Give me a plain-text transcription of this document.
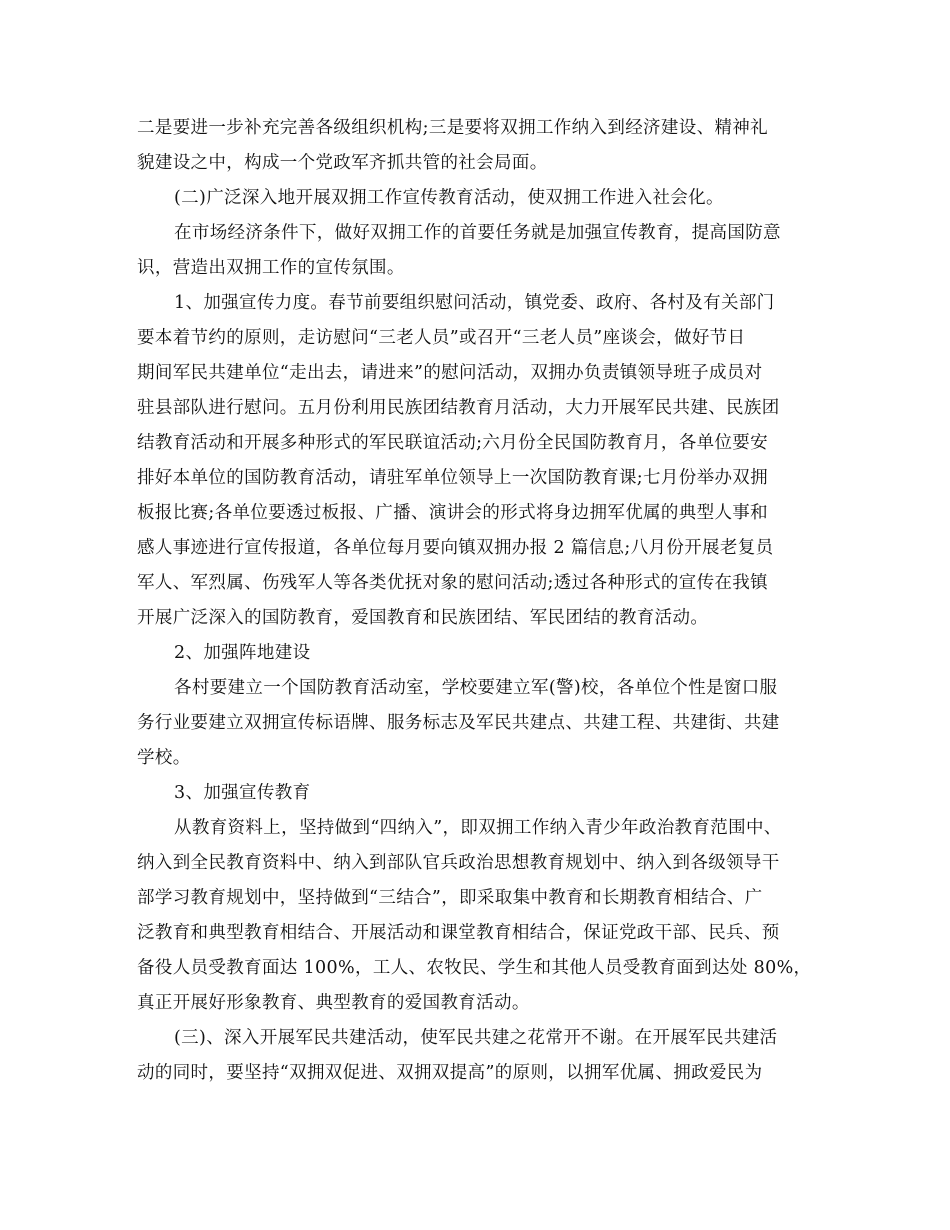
二是要进一步补充完善各级组织机构;三是要将双拥工作纳入到经济建设、精神礼
貌建设之中，构成一个党政军齐抓共管的社会局面。
(二)广泛深入地开展双拥工作宣传教育活动，使双拥工作进入社会化。
在市场经济条件下，做好双拥工作的首要任务就是加强宣传教育，提高国防意
识，营造出双拥工作的宣传氛围。
1、加强宣传力度。春节前要组织慰问活动，镇党委、政府、各村及有关部门
要本着节约的原则，走访慰问“三老人员”或召开“三老人员”座谈会，做好节日
期间军民共建单位“走出去，请进来”的慰问活动，双拥办负责镇领导班子成员对
驻县部队进行慰问。五月份利用民族团结教育月活动，大力开展军民共建、民族团
结教育活动和开展多种形式的军民联谊活动;六月份全民国防教育月，各单位要安
排好本单位的国防教育活动，请驻军单位领导上一次国防教育课;七月份举办双拥
板报比赛;各单位要透过板报、广播、演讲会的形式将身边拥军优属的典型人事和
感人事迹进行宣传报道，各单位每月要向镇双拥办报 2 篇信息;八月份开展老复员
军人、军烈属、伤残军人等各类优抚对象的慰问活动;透过各种形式的宣传在我镇
开展广泛深入的国防教育，爱国教育和民族团结、军民团结的教育活动。
2、加强阵地建设
各村要建立一个国防教育活动室，学校要建立军(警)校，各单位个性是窗口服
务行业要建立双拥宣传标语牌、服务标志及军民共建点、共建工程、共建街、共建
学校。
3、加强宣传教育
从教育资料上，坚持做到“四纳入”，即双拥工作纳入青少年政治教育范围中、
纳入到全民教育资料中、纳入到部队官兵政治思想教育规划中、纳入到各级领导干
部学习教育规划中，坚持做到“三结合”，即采取集中教育和长期教育相结合、广
泛教育和典型教育相结合、开展活动和课堂教育相结合，保证党政干部、民兵、预
备役人员受教育面达 100%，工人、农牧民、学生和其他人员受教育面到达处 80%，
真正开展好形象教育、典型教育的爱国教育活动。
(三)、深入开展军民共建活动，使军民共建之花常开不谢。在开展军民共建活
动的同时，要坚持“双拥双促进、双拥双提高”的原则，以拥军优属、拥政爱民为
